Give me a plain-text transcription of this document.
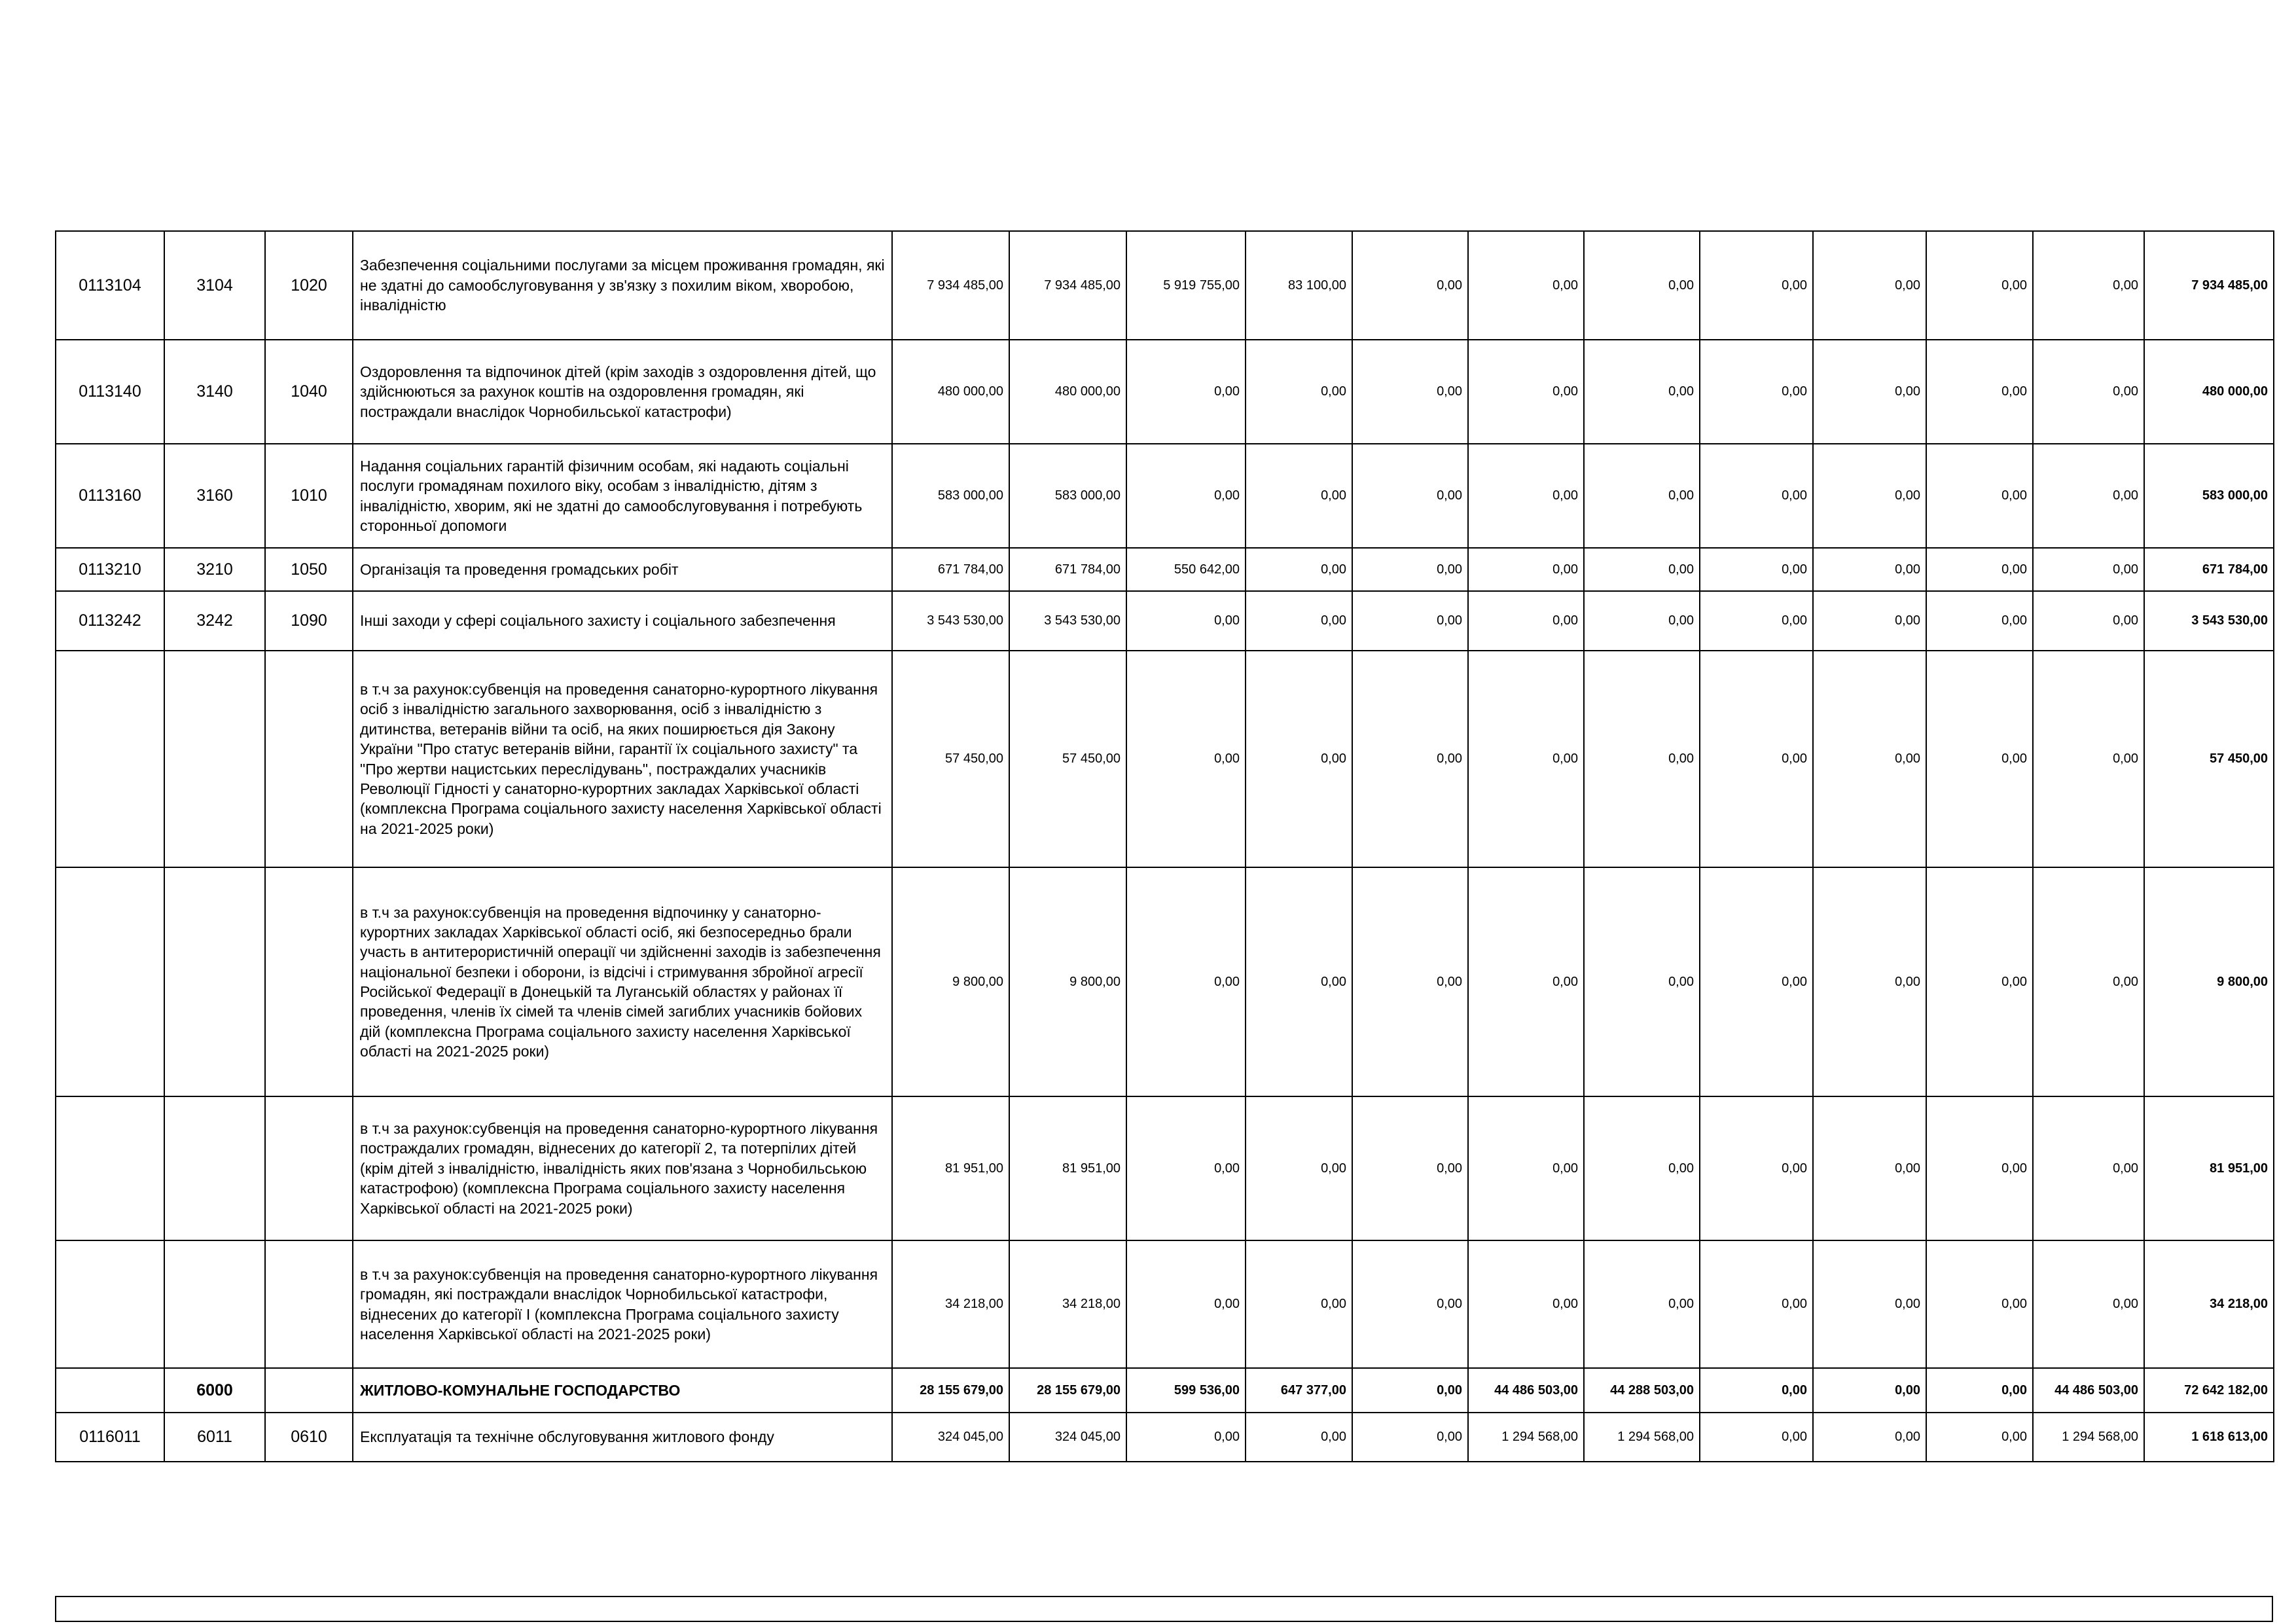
0113104	3104	1020	Забезпечення соціальними послугами за місцем проживання громадян, які не здатні до самообслуговування у зв'язку з похилим віком, хворобою, інвалідністю	7 934 485,00	7 934 485,00	5 919 755,00	83 100,00	0,00	0,00	0,00	0,00	0,00	0,00	0,00	7 934 485,00
0113140	3140	1040	Оздоровлення та відпочинок дітей (крім заходів з оздоровлення дітей, що здійснюються за рахунок коштів на оздоровлення громадян, які постраждали внаслідок Чорнобильської катастрофи)	480 000,00	480 000,00	0,00	0,00	0,00	0,00	0,00	0,00	0,00	0,00	0,00	480 000,00
0113160	3160	1010	Надання соціальних гарантій фізичним особам, які надають соціальні послуги громадянам похилого віку, особам з інвалідністю, дітям з інвалідністю, хворим, які не здатні до самообслуговування і потребують сторонньої допомоги	583 000,00	583 000,00	0,00	0,00	0,00	0,00	0,00	0,00	0,00	0,00	0,00	583 000,00
0113210	3210	1050	Організація та проведення громадських робіт	671 784,00	671 784,00	550 642,00	0,00	0,00	0,00	0,00	0,00	0,00	0,00	0,00	671 784,00
0113242	3242	1090	Інші заходи у сфері соціального захисту і соціального забезпечення	3 543 530,00	3 543 530,00	0,00	0,00	0,00	0,00	0,00	0,00	0,00	0,00	0,00	3 543 530,00
			в т.ч за рахунок:субвенція на проведення санаторно-курортного лікування осіб з інвалідністю загального захворювання, осіб з інвалідністю з дитинства, ветеранів війни та осіб, на яких поширюється дія Закону України "Про статус ветеранів війни, гарантії їх соціального захисту" та "Про жертви нацистських переслідувань", постраждалих учасників Революції Гідності у санаторно-курортних закладах Харківської області (комплексна Програма соціального захисту населення Харківської області на 2021-2025 роки)	57 450,00	57 450,00	0,00	0,00	0,00	0,00	0,00	0,00	0,00	0,00	0,00	57 450,00
			в т.ч за рахунок:субвенція на проведення відпочинку у санаторно-курортних закладах Харківської області осіб, які безпосередньо брали участь в антитерористичній операції чи здійсненні заходів із забезпечення національної безпеки і оборони, із відсічі і стримування збройної агресії Російської Федерації в Донецькій та Луганській областях у районах її проведення, членів їх сімей та членів сімей загиблих учасників бойових дій (комплексна Програма соціального захисту населення Харківської області на 2021-2025 роки)	9 800,00	9 800,00	0,00	0,00	0,00	0,00	0,00	0,00	0,00	0,00	0,00	9 800,00
			в т.ч за рахунок:субвенція на проведення санаторно-курортного лікування постраждалих громадян, віднесених до категорії 2, та потерпілих дітей (крім дітей з інвалідністю, інвалідність яких пов'язана з Чорнобильською катастрофою) (комплексна Програма соціального захисту населення Харківської області на 2021-2025 роки)	81 951,00	81 951,00	0,00	0,00	0,00	0,00	0,00	0,00	0,00	0,00	0,00	81 951,00
			в т.ч за рахунок:субвенція на проведення санаторно-курортного лікування громадян, які постраждали внаслідок Чорнобильської катастрофи, віднесених до категорії I (комплексна Програма соціального захисту населення Харківської області на 2021-2025 роки)	34 218,00	34 218,00	0,00	0,00	0,00	0,00	0,00	0,00	0,00	0,00	0,00	34 218,00
	6000		ЖИТЛОВО-КОМУНАЛЬНЕ ГОСПОДАРСТВО	28 155 679,00	28 155 679,00	599 536,00	647 377,00	0,00	44 486 503,00	44 288 503,00	0,00	0,00	0,00	44 486 503,00	72 642 182,00
0116011	6011	0610	Експлуатація та технічне обслуговування житлового фонду	324 045,00	324 045,00	0,00	0,00	0,00	1 294 568,00	1 294 568,00	0,00	0,00	0,00	1 294 568,00	1 618 613,00
